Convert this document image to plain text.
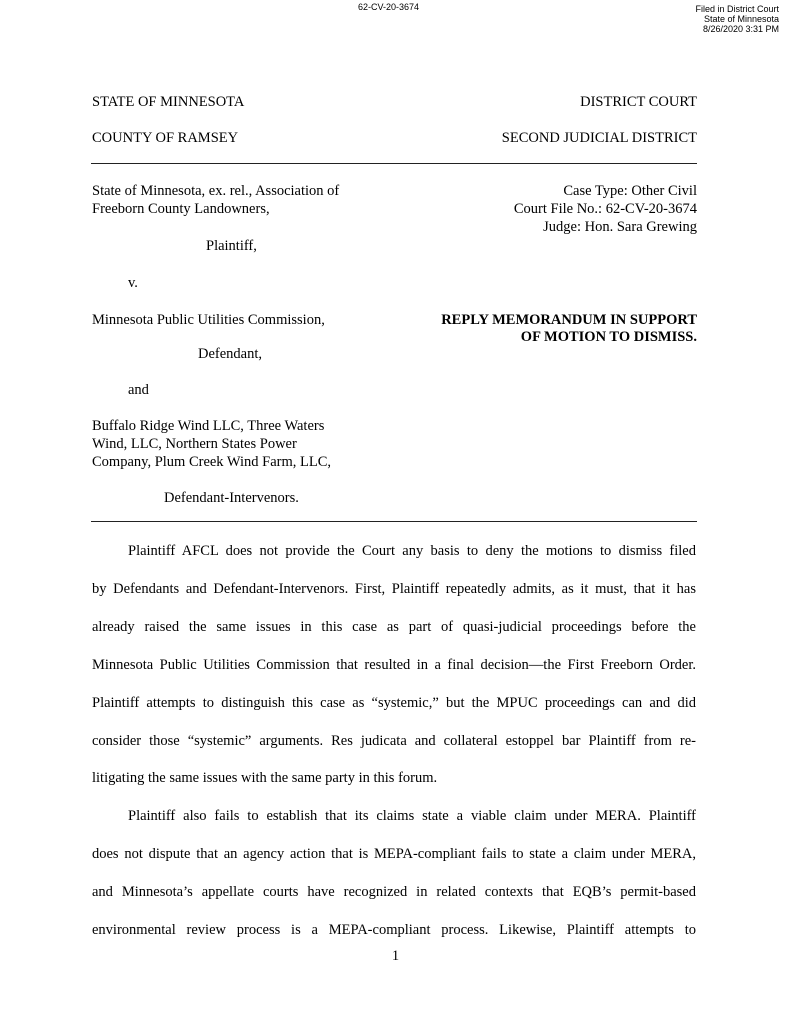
62-CV-20-3674	Filed in District Court
State of Minnesota
8/26/2020 3:31 PM
STATE OF MINNESOTA	DISTRICT COURT
COUNTY OF RAMSEY	SECOND JUDICIAL DISTRICT
State of Minnesota, ex. rel., Association of
Freeborn County Landowners,
Plaintiff,
v.
Minnesota Public Utilities Commission,
Defendant,
and
Buffalo Ridge Wind LLC, Three Waters
Wind, LLC, Northern States Power
Company, Plum Creek Wind Farm, LLC,
Defendant-Intervenors.
Case Type: Other Civil
Court File No.: 62-CV-20-3674
Judge: Hon. Sara Grewing
REPLY MEMORANDUM IN SUPPORT
OF MOTION TO DISMISS.
Plaintiff AFCL does not provide the Court any basis to deny the motions to dismiss filed
by Defendants and Defendant-Intervenors. First, Plaintiff repeatedly admits, as it must, that it has
already raised the same issues in this case as part of quasi-judicial proceedings before the
Minnesota Public Utilities Commission that resulted in a final decision—the First Freeborn Order.
Plaintiff attempts to distinguish this case as “systemic,” but the MPUC proceedings can and did
consider those “systemic” arguments. Res judicata and collateral estoppel bar Plaintiff from re-
litigating the same issues with the same party in this forum.
Plaintiff also fails to establish that its claims state a viable claim under MERA. Plaintiff
does not dispute that an agency action that is MEPA-compliant fails to state a claim under MERA,
and Minnesota’s appellate courts have recognized in related contexts that EQB’s permit-based
environmental review process is a MEPA-compliant process. Likewise, Plaintiff attempts to
1
